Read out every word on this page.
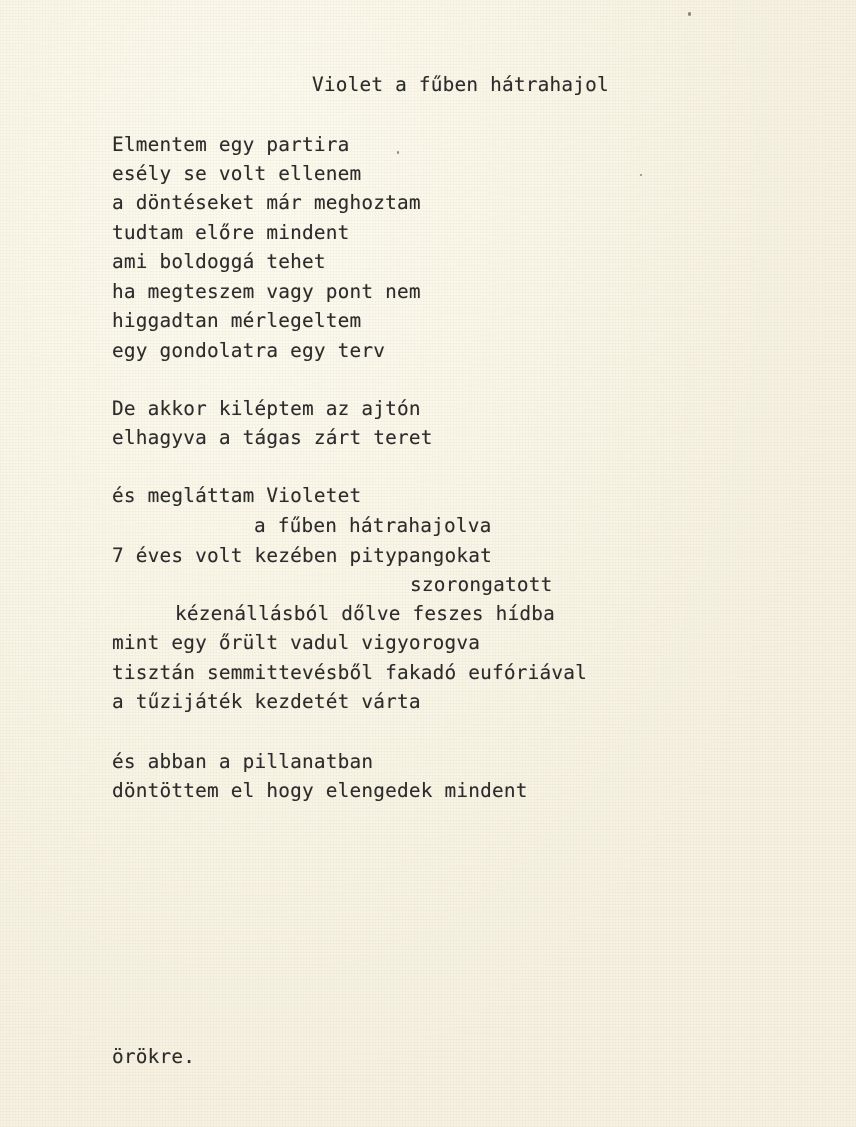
Violet a fűben hátrahajol
Elmentem egy partira
esély se volt ellenem
a döntéseket már meghoztam
tudtam előre mindent
ami boldoggá tehet
ha megteszem vagy pont nem
higgadtan mérlegeltem
egy gondolatra egy terv
De akkor kiléptem az ajtón
elhagyva a tágas zárt teret
és megláttam Violetet
a fűben hátrahajolva
7 éves volt kezében pitypangokat
szorongatott
kézenállásból dőlve feszes hídba
mint egy őrült vadul vigyorogva
tisztán semmittevésből fakadó eufóriával
a tűzijáték kezdetét várta
és abban a pillanatban
döntöttem el hogy elengedek mindent
örökre.
